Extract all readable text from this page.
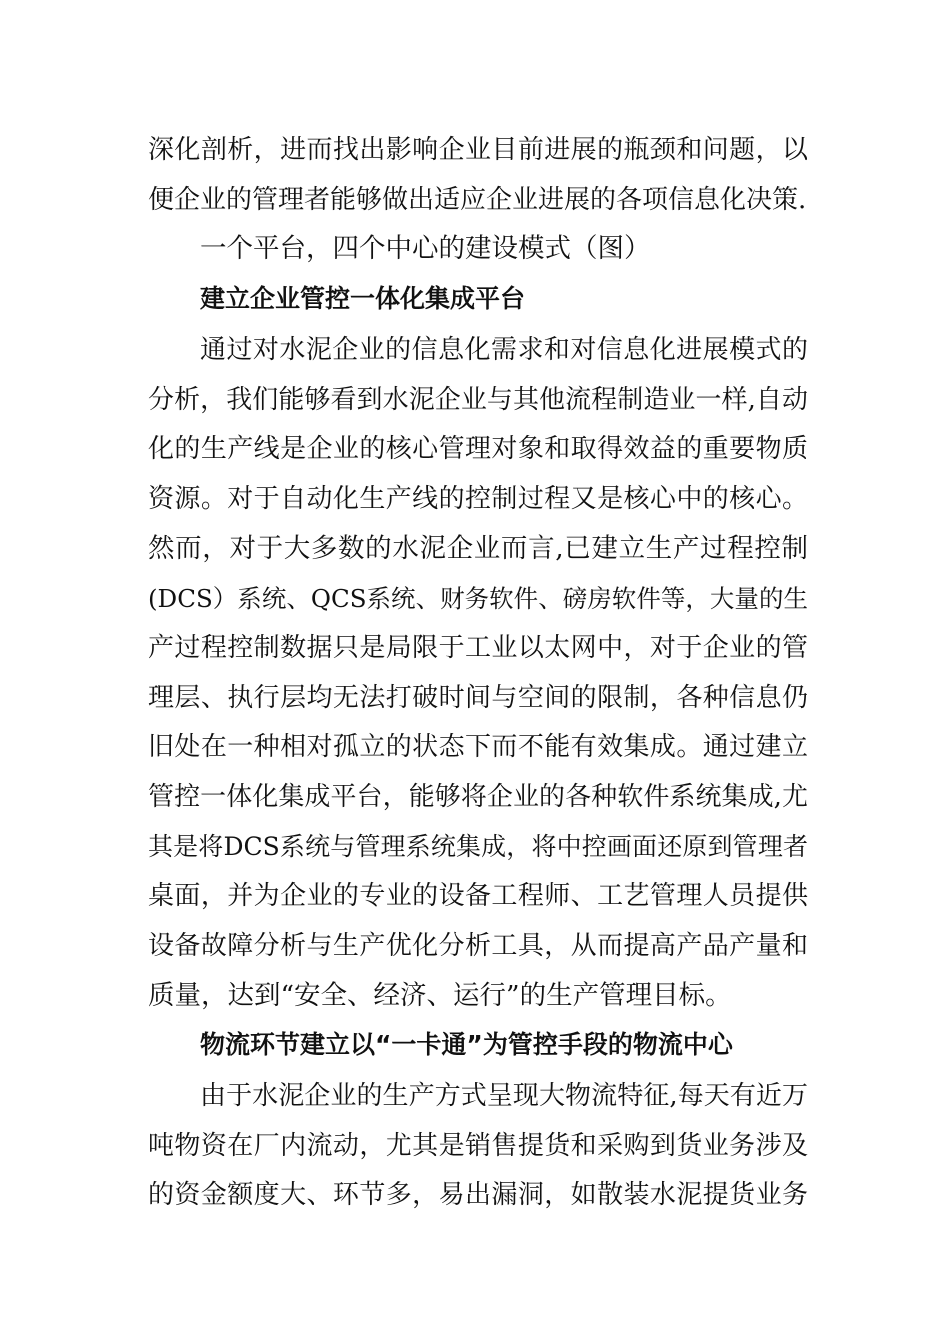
深化剖析，进而找出影响企业目前进展的瓶颈和问题，以
便企业的管理者能够做出适应企业进展的各项信息化决策.
一个平台，四个中心的建设模式（图）
建立企业管控一体化集成平台
通过对水泥企业的信息化需求和对信息化进展模式的
分析，我们能够看到水泥企业与其他流程制造业一样,自动
化的生产线是企业的核心管理对象和取得效益的重要物质
资源。对于自动化生产线的控制过程又是核心中的核心。
然而，对于大多数的水泥企业而言,已建立生产过程控制
(DCS）系统、QCS系统、财务软件、磅房软件等，大量的生
产过程控制数据只是局限于工业以太网中，对于企业的管
理层、执行层均无法打破时间与空间的限制，各种信息仍
旧处在一种相对孤立的状态下而不能有效集成。通过建立
管控一体化集成平台，能够将企业的各种软件系统集成,尤
其是将DCS系统与管理系统集成，将中控画面还原到管理者
桌面，并为企业的专业的设备工程师、工艺管理人员提供
设备故障分析与生产优化分析工具，从而提高产品产量和
质量，达到“安全、经济、运行”的生产管理目标。
物流环节建立以“一卡通”为管控手段的物流中心
由于水泥企业的生产方式呈现大物流特征,每天有近万
吨物资在厂内流动，尤其是销售提货和采购到货业务涉及
的资金额度大、环节多，易出漏洞，如散装水泥提货业务
